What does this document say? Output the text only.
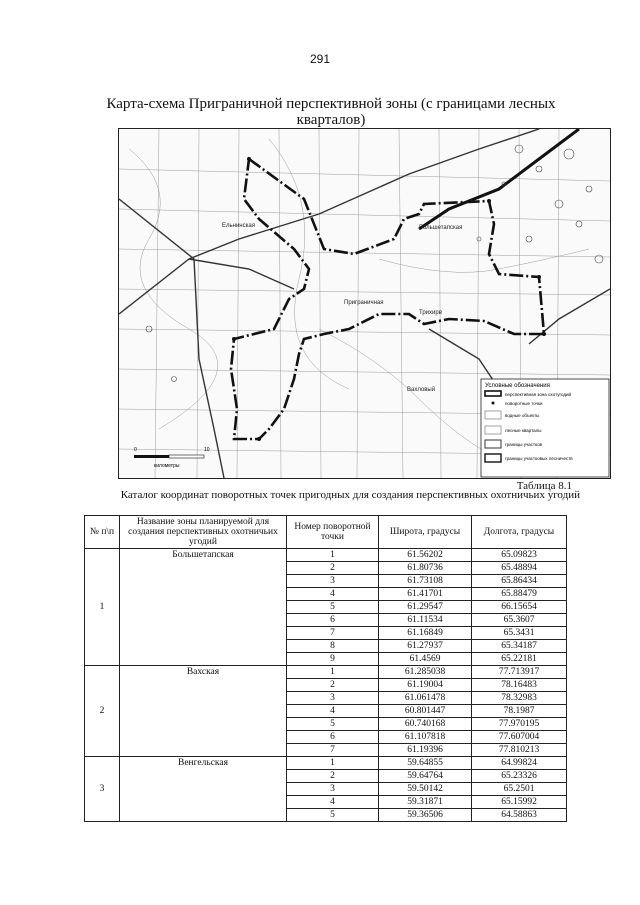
291
Карта-схема Приграничной перспективной зоны (с границами лесных кварталов)
Ельнинская	Большетапская
Приграничная
Трихирв
Вахловый
Условные обозначения
перспективная зона охотугодий
поворотные точки
водные объекты
лесные кварталы
границы участков
границы участковых лесничеств
0	10
километры
Таблица 8.1
Каталог координат поворотных точек пригодных для создания перспективных охотничьих угодий
№ п\п	Название зоны планируемой для создания перспективных охотничьих угодий	Номер поворотной точки	Широта, градусы	Долгота, градусы
1	Большетапская	1	61.56202	65.09823
		2	61.80736	65.48894
		3	61.73108	65.86434
		4	61.41701	65.88479
		5	61.29547	66.15654
		6	61.11534	65.3607
		7	61.16849	65.3431
		8	61.27937	65.34187
		9	61.4569	65.22181
2	Вахская	1	61.285038	77.713917
		2	61.19004	78.16483
		3	61.061478	78.32983
		4	60.801447	78.1987
		5	60.740168	77.970195
		6	61.107818	77.607004
		7	61.19396	77.810213
3	Венгельская	1	59.64855	64.99824
		2	59.64764	65.23326
		3	59.50142	65.2501
		4	59.31871	65.15992
		5	59.36506	64.58863
